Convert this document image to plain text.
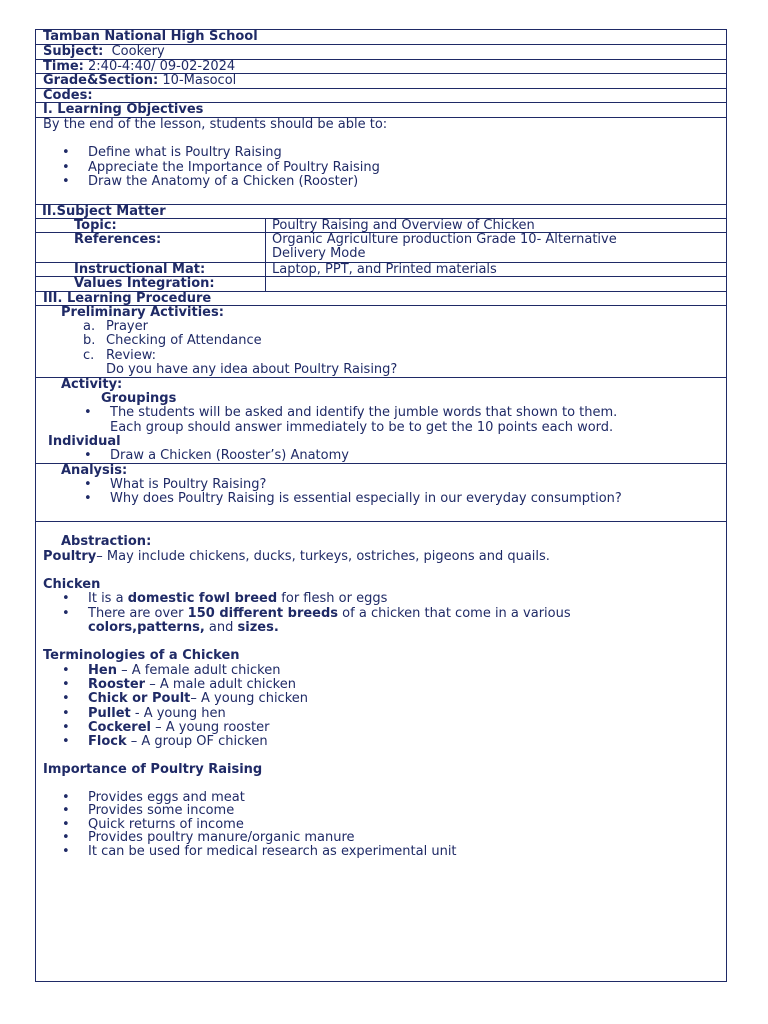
Tamban National High School
Subject: Cookery
Time: 2:40-4:40/ 09-02-2024
Grade&Section: 10-Masocol
Codes:
I. Learning Objectives
By the end of the lesson, students should be able to:
• Define what is Poultry Raising
• Appreciate the Importance of Poultry Raising
• Draw the Anatomy of a Chicken (Rooster)
II.Subject Matter
Topic:	Poultry Raising and Overview of Chicken
References:	Organic Agriculture production Grade 10- Alternative
Delivery Mode
Instructional Mat:	Laptop, PPT, and Printed materials
Values Integration:
III. Learning Procedure
Preliminary Activities:
a. Prayer
b. Checking of Attendance
c. Review:
Do you have any idea about Poultry Raising?
Activity:
Groupings
• The students will be asked and identify the jumble words that shown to them.
Each group should answer immediately to be to get the 10 points each word.
Individual
• Draw a Chicken (Rooster’s) Anatomy
Analysis:
• What is Poultry Raising?
• Why does Poultry Raising is essential especially in our everyday consumption?
Abstraction:
Poultry– May include chickens, ducks, turkeys, ostriches, pigeons and quails.
Chicken
• It is a domestic fowl breed for flesh or eggs
• There are over 150 different breeds of a chicken that come in a various
colors,patterns, and sizes.
Terminologies of a Chicken
• Hen – A female adult chicken
• Rooster – A male adult chicken
• Chick or Poult– A young chicken
• Pullet - A young hen
• Cockerel – A young rooster
• Flock – A group OF chicken
Importance of Poultry Raising
• Provides eggs and meat
• Provides some income
• Quick returns of income
• Provides poultry manure/organic manure
• It can be used for medical research as experimental unit
